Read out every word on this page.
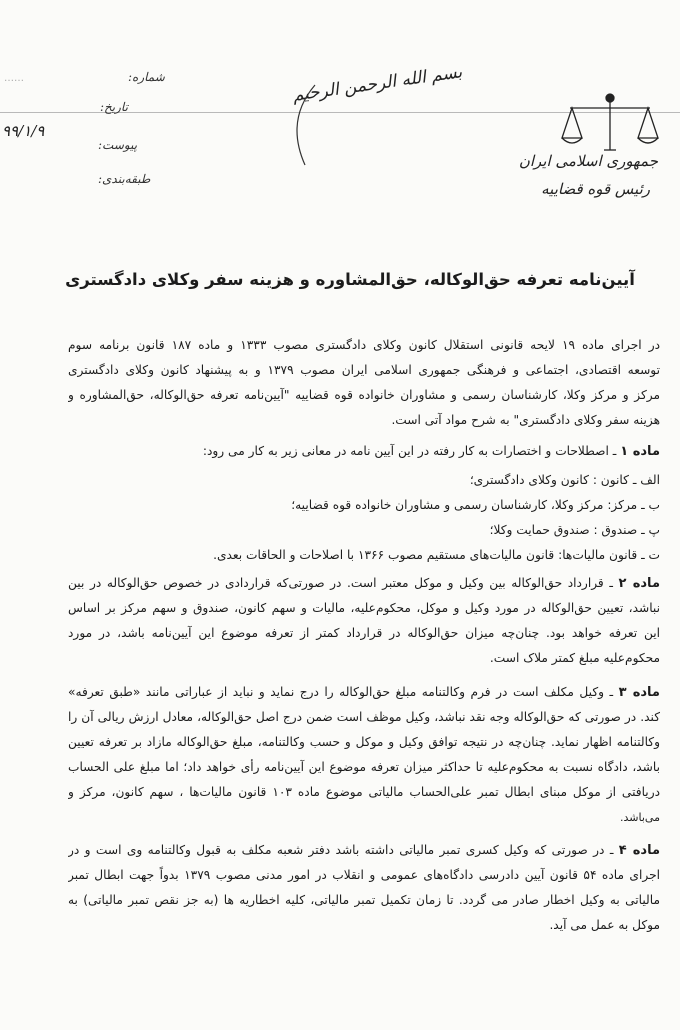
جمهوری اسلامی ایران
رئیس قوه قضاییه
بسم الله الرحمن الرحیم
شماره:
……
تاریخ:
۹۹/۱/۹
پیوست:
طبقه‌بندی:
آیین‌نامه تعرفه حق‌الوکاله، حق‌المشاوره و هزینه سفر وکلای دادگستری
در اجرای ماده ۱۹ لایحه قانونی استقلال کانون وکلای دادگستری مصوب ۱۳۳۳ و ماده ۱۸۷ قانون برنامه سوم
توسعه اقتصادی، اجتماعی و فرهنگی جمهوری اسلامی ایران مصوب ۱۳۷۹ و به پیشنهاد کانون وکلای دادگستری
مرکز و مرکز وکلا، کارشناسان رسمی و مشاوران خانواده قوه قضاییه "آیین‌نامه تعرفه حق‌الوکاله، حق‌المشاوره و
هزینه سفر وکلای دادگستری" به شرح مواد آتی است.
ماده ۱ ـ اصطلاحات و اختصارات به کار رفته در این آیین نامه در معانی زیر به کار می رود:
الف ـ کانون : کانون وکلای دادگستری؛
ب ـ مرکز: مرکز وکلا، کارشناسان رسمی و مشاوران خانواده قوه قضاییه؛
پ ـ صندوق : صندوق حمایت وکلا؛
ت ـ قانون مالیات‌ها: قانون مالیات‌های مستقیم مصوب ۱۳۶۶ با اصلاحات و الحاقات بعدی.
ماده ۲ ـ قرارداد حق‌الوکاله بین وکیل و موکل معتبر است. در صورتی‌که قراردادی در خصوص حق‌الوکاله در بین
نباشد، تعیین حق‌الوکاله در مورد وکیل و موکل، محکوم‌علیه، مالیات و سهم کانون، صندوق و سهم مرکز بر اساس
این تعرفه خواهد بود. چنان‌چه میزان حق‌الوکاله در قرارداد کمتر از تعرفه موضوع این آیین‌نامه باشد، در مورد
محکوم‌علیه مبلغ کمتر ملاک است.
ماده ۳ ـ وکیل مکلف است در فرم وکالتنامه مبلغ حق‌الوکاله را درج نماید و نباید از عباراتی مانند «طبق تعرفه»
کند. در صورتی که حق‌الوکاله وجه نقد نباشد، وکیل موظف است ضمن درج اصل حق‌الوکاله، معادل ارزش ریالی آن را
وکالتنامه اظهار نماید. چنان‌چه در نتیجه توافق وکیل و موکل و حسب وکالتنامه، مبلغ حق‌الوکاله مازاد بر تعرفه تعیین
باشد، دادگاه نسبت به محکوم‌علیه تا حداکثر میزان تعرفه موضوع این آیین‌نامه رأی خواهد داد؛ اما مبلغ علی الحساب
دریافتی از موکل مبنای ابطال تمبر علی‌الحساب مالیاتی موضوع ماده ۱۰۳ قانون مالیات‌ها ، سهم کانون، مرکز و
می‌باشد.
ماده ۴ ـ در صورتی که وکیل کسری تمبر مالیاتی داشته باشد دفتر شعبه مکلف به قبول وکالتنامه وی است و در
اجرای ماده ۵۴ قانون آیین دادرسی دادگاه‌های عمومی و انقلاب در امور مدنی مصوب ۱۳۷۹ بدواً جهت ابطال تمبر
مالیاتی به وکیل اخطار صادر می گردد. تا زمان تکمیل تمبر مالیاتی، کلیه اخطاریه ها (به جز نقص تمبر مالیاتی) به
موکل به عمل می آید.
